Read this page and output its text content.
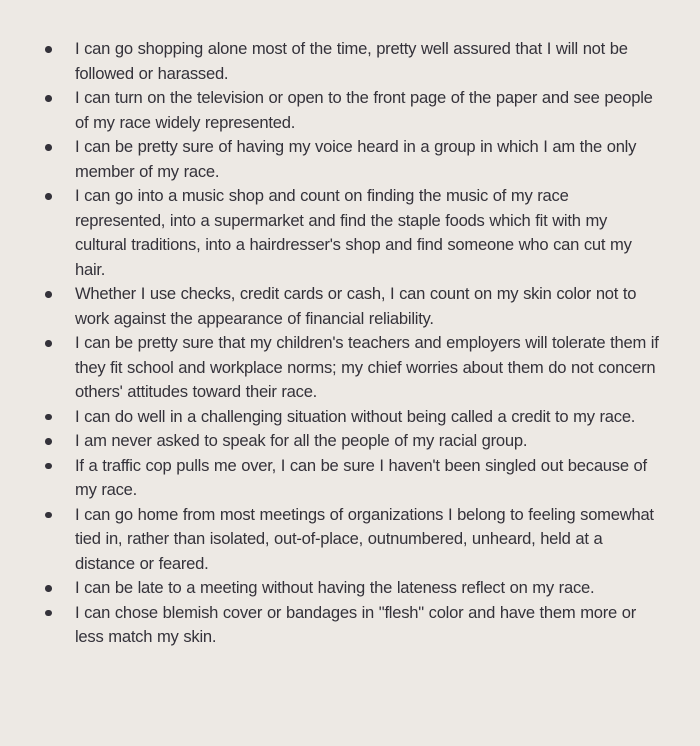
I can go shopping alone most of the time, pretty well assured that I will not be followed or harassed.
I can turn on the television or open to the front page of the paper and see people of my race widely represented.
I can be pretty sure of having my voice heard in a group in which I am the only member of my race.
I can go into a music shop and count on finding the music of my race represented, into a supermarket and find the staple foods which fit with my cultural traditions, into a hairdresser's shop and find someone who can cut my hair.
Whether I use checks, credit cards or cash, I can count on my skin color not to work against the appearance of financial reliability.
I can be pretty sure that my children's teachers and employers will tolerate them if they fit school and workplace norms; my chief worries about them do not concern others' attitudes toward their race.
I can do well in a challenging situation without being called a credit to my race.
I am never asked to speak for all the people of my racial group.
If a traffic cop pulls me over, I can be sure I haven't been singled out because of my race.
I can go home from most meetings of organizations I belong to feeling somewhat tied in, rather than isolated, out-of-place, outnumbered, unheard, held at a distance or feared.
I can be late to a meeting without having the lateness reflect on my race.
I can chose blemish cover or bandages in "flesh" color and have them more or less match my skin.
